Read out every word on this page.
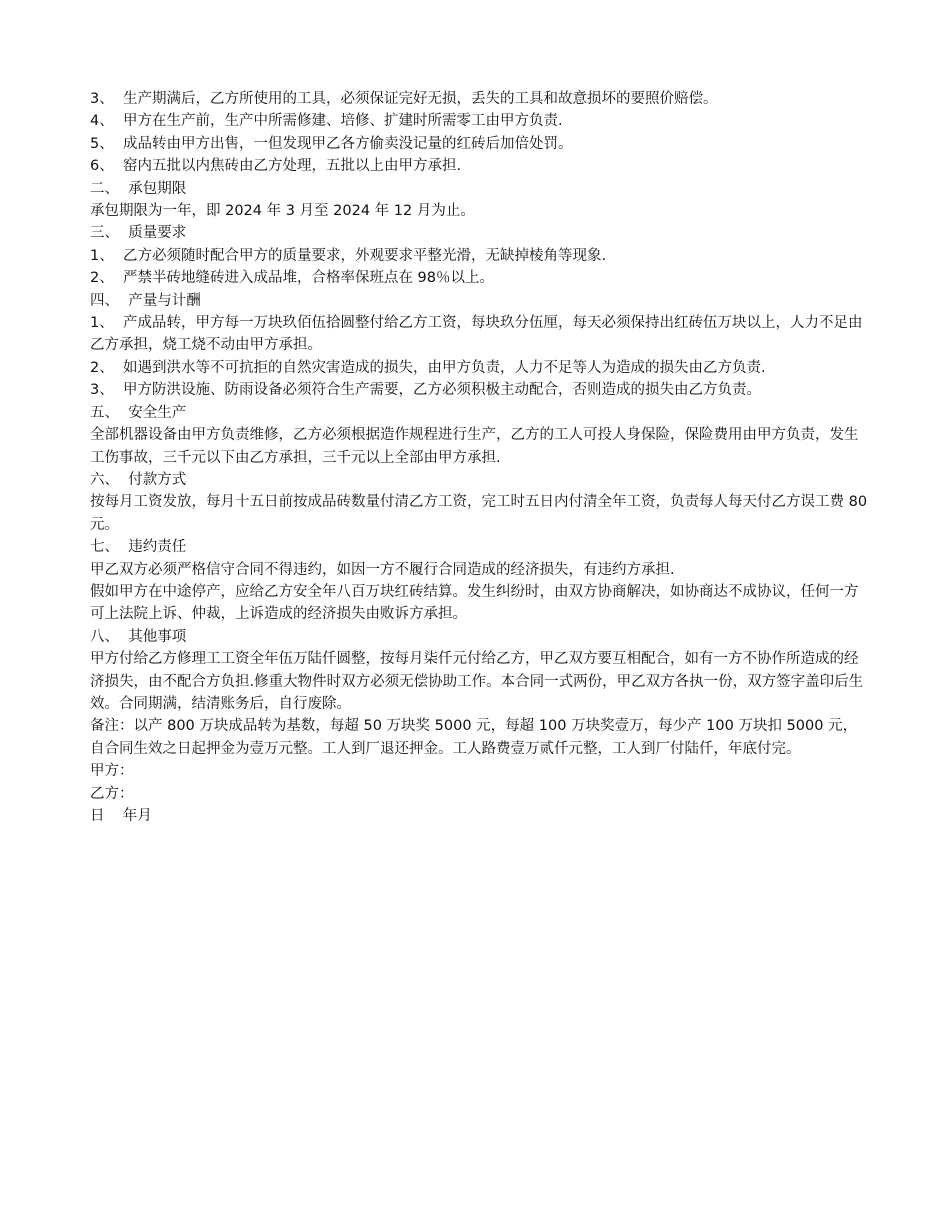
3、  生产期满后，乙方所使用的工具，必须保证完好无损，丢失的工具和故意损坏的要照价赔偿。

4、  甲方在生产前，生产中所需修建、培修、扩建时所需零工由甲方负责.

5、  成品转由甲方出售，一但发现甲乙各方偷卖没记量的红砖后加倍处罚。

6、  窑内五批以内焦砖由乙方处理，五批以上由甲方承担.

二、  承包期限

承包期限为一年，即 2024 年 3 月至 2024 年 12 月为止。

三、  质量要求

1、  乙方必须随时配合甲方的质量要求，外观要求平整光滑，无缺掉棱角等现象.

2、  严禁半砖地缝砖进入成品堆，合格率保班点在 98％以上。

四、  产量与计酬

1、  产成品转，甲方每一万块玖佰伍拾圆整付给乙方工资，每块玖分伍厘，每天必须保持出红砖伍万块以上，人力不足由乙方承担，烧工烧不动由甲方承担。

2、  如遇到洪水等不可抗拒的自然灾害造成的损失，由甲方负责，人力不足等人为造成的损失由乙方负责.

3、  甲方防洪设施、防雨设备必须符合生产需要，乙方必须积极主动配合，否则造成的损失由乙方负责。

五、  安全生产

全部机器设备由甲方负责维修，乙方必须根据造作规程进行生产，乙方的工人可投人身保险，保险费用由甲方负责，发生工伤事故，三千元以下由乙方承担，三千元以上全部由甲方承担.

六、  付款方式

按每月工资发放，每月十五日前按成品砖数量付清乙方工资，完工时五日内付清全年工资，负责每人每天付乙方误工费 80 元。

七、  违约责任

甲乙双方必须严格信守合同不得违约，如因一方不履行合同造成的经济损失，有违约方承担.

假如甲方在中途停产，应给乙方安全年八百万块红砖结算。发生纠纷时，由双方协商解决，如协商达不成协议，任何一方可上法院上诉、仲裁，上诉造成的经济损失由败诉方承担。

八、  其他事项

甲方付给乙方修理工工资全年伍万陆仟圆整，按每月柒仟元付给乙方，甲乙双方要互相配合，如有一方不协作所造成的经济损失，由不配合方负担.修重大物件时双方必须无偿协助工作。本合同一式两份，甲乙双方各执一份，双方签字盖印后生效。合同期满，结清账务后，自行废除。

备注：以产 800 万块成品转为基数，每超 50 万块奖 5000 元，每超 100 万块奖壹万，每少产 100 万块扣 5000 元，自合同生效之日起押金为壹万元整。工人到厂退还押金。工人路费壹万贰仟元整，工人到厂付陆仟，年底付完。

甲方：

乙方：

日    年月
